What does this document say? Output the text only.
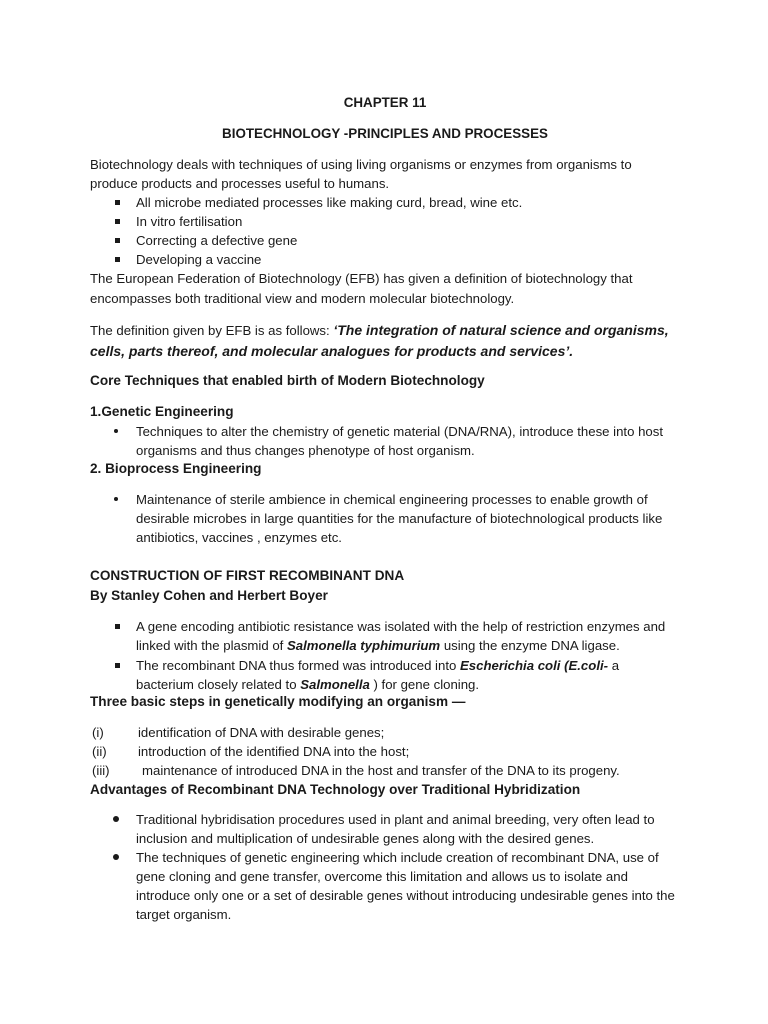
CHAPTER 11
BIOTECHNOLOGY -PRINCIPLES AND PROCESSES

Biotechnology deals with techniques of using living organisms or enzymes from organisms to produce products and processes useful to humans.

All microbe mediated processes like making curd, bread, wine etc.
In vitro fertilisation
Correcting a defective gene
Developing a vaccine

The European Federation of Biotechnology (EFB) has given a definition of biotechnology that encompasses both traditional view and modern molecular biotechnology.

The definition given by EFB is as follows: ‘The integration of natural science and organisms, cells, parts thereof, and molecular analogues for products and services’.

Core Techniques that enabled birth of Modern Biotechnology
1.Genetic Engineering
Techniques to alter the chemistry of genetic material (DNA/RNA), introduce these into host organisms and thus changes phenotype of host organism.
2. Bioprocess Engineering
Maintenance of sterile ambience in chemical engineering processes to enable growth of desirable microbes in large quantities for the manufacture of biotechnological products like antibiotics, vaccines , enzymes etc.
CONSTRUCTION OF FIRST RECOMBINANT DNA
By Stanley Cohen and Herbert Boyer
A gene encoding antibiotic resistance was isolated with the help of restriction enzymes and linked with the plasmid of Salmonella typhimurium using the enzyme DNA ligase.
The recombinant DNA thus formed was introduced into Escherichia coli (E.coli- a bacterium closely related to Salmonella ) for gene cloning.
Three basic steps in genetically modifying an organism —
(i)	identification of DNA with desirable genes;
(ii) introduction of the identified DNA into the host;
(iii) maintenance of introduced DNA in the host and transfer of the DNA to its progeny.
Advantages of Recombinant DNA Technology over Traditional Hybridization
Traditional hybridisation procedures used in plant and animal breeding, very often lead to inclusion and multiplication of undesirable genes along with the desired genes.
The techniques of genetic engineering which include creation of recombinant DNA, use of gene cloning and gene transfer, overcome this limitation and allows us to isolate and introduce only one or a set of desirable genes without introducing undesirable genes into the target organism.
